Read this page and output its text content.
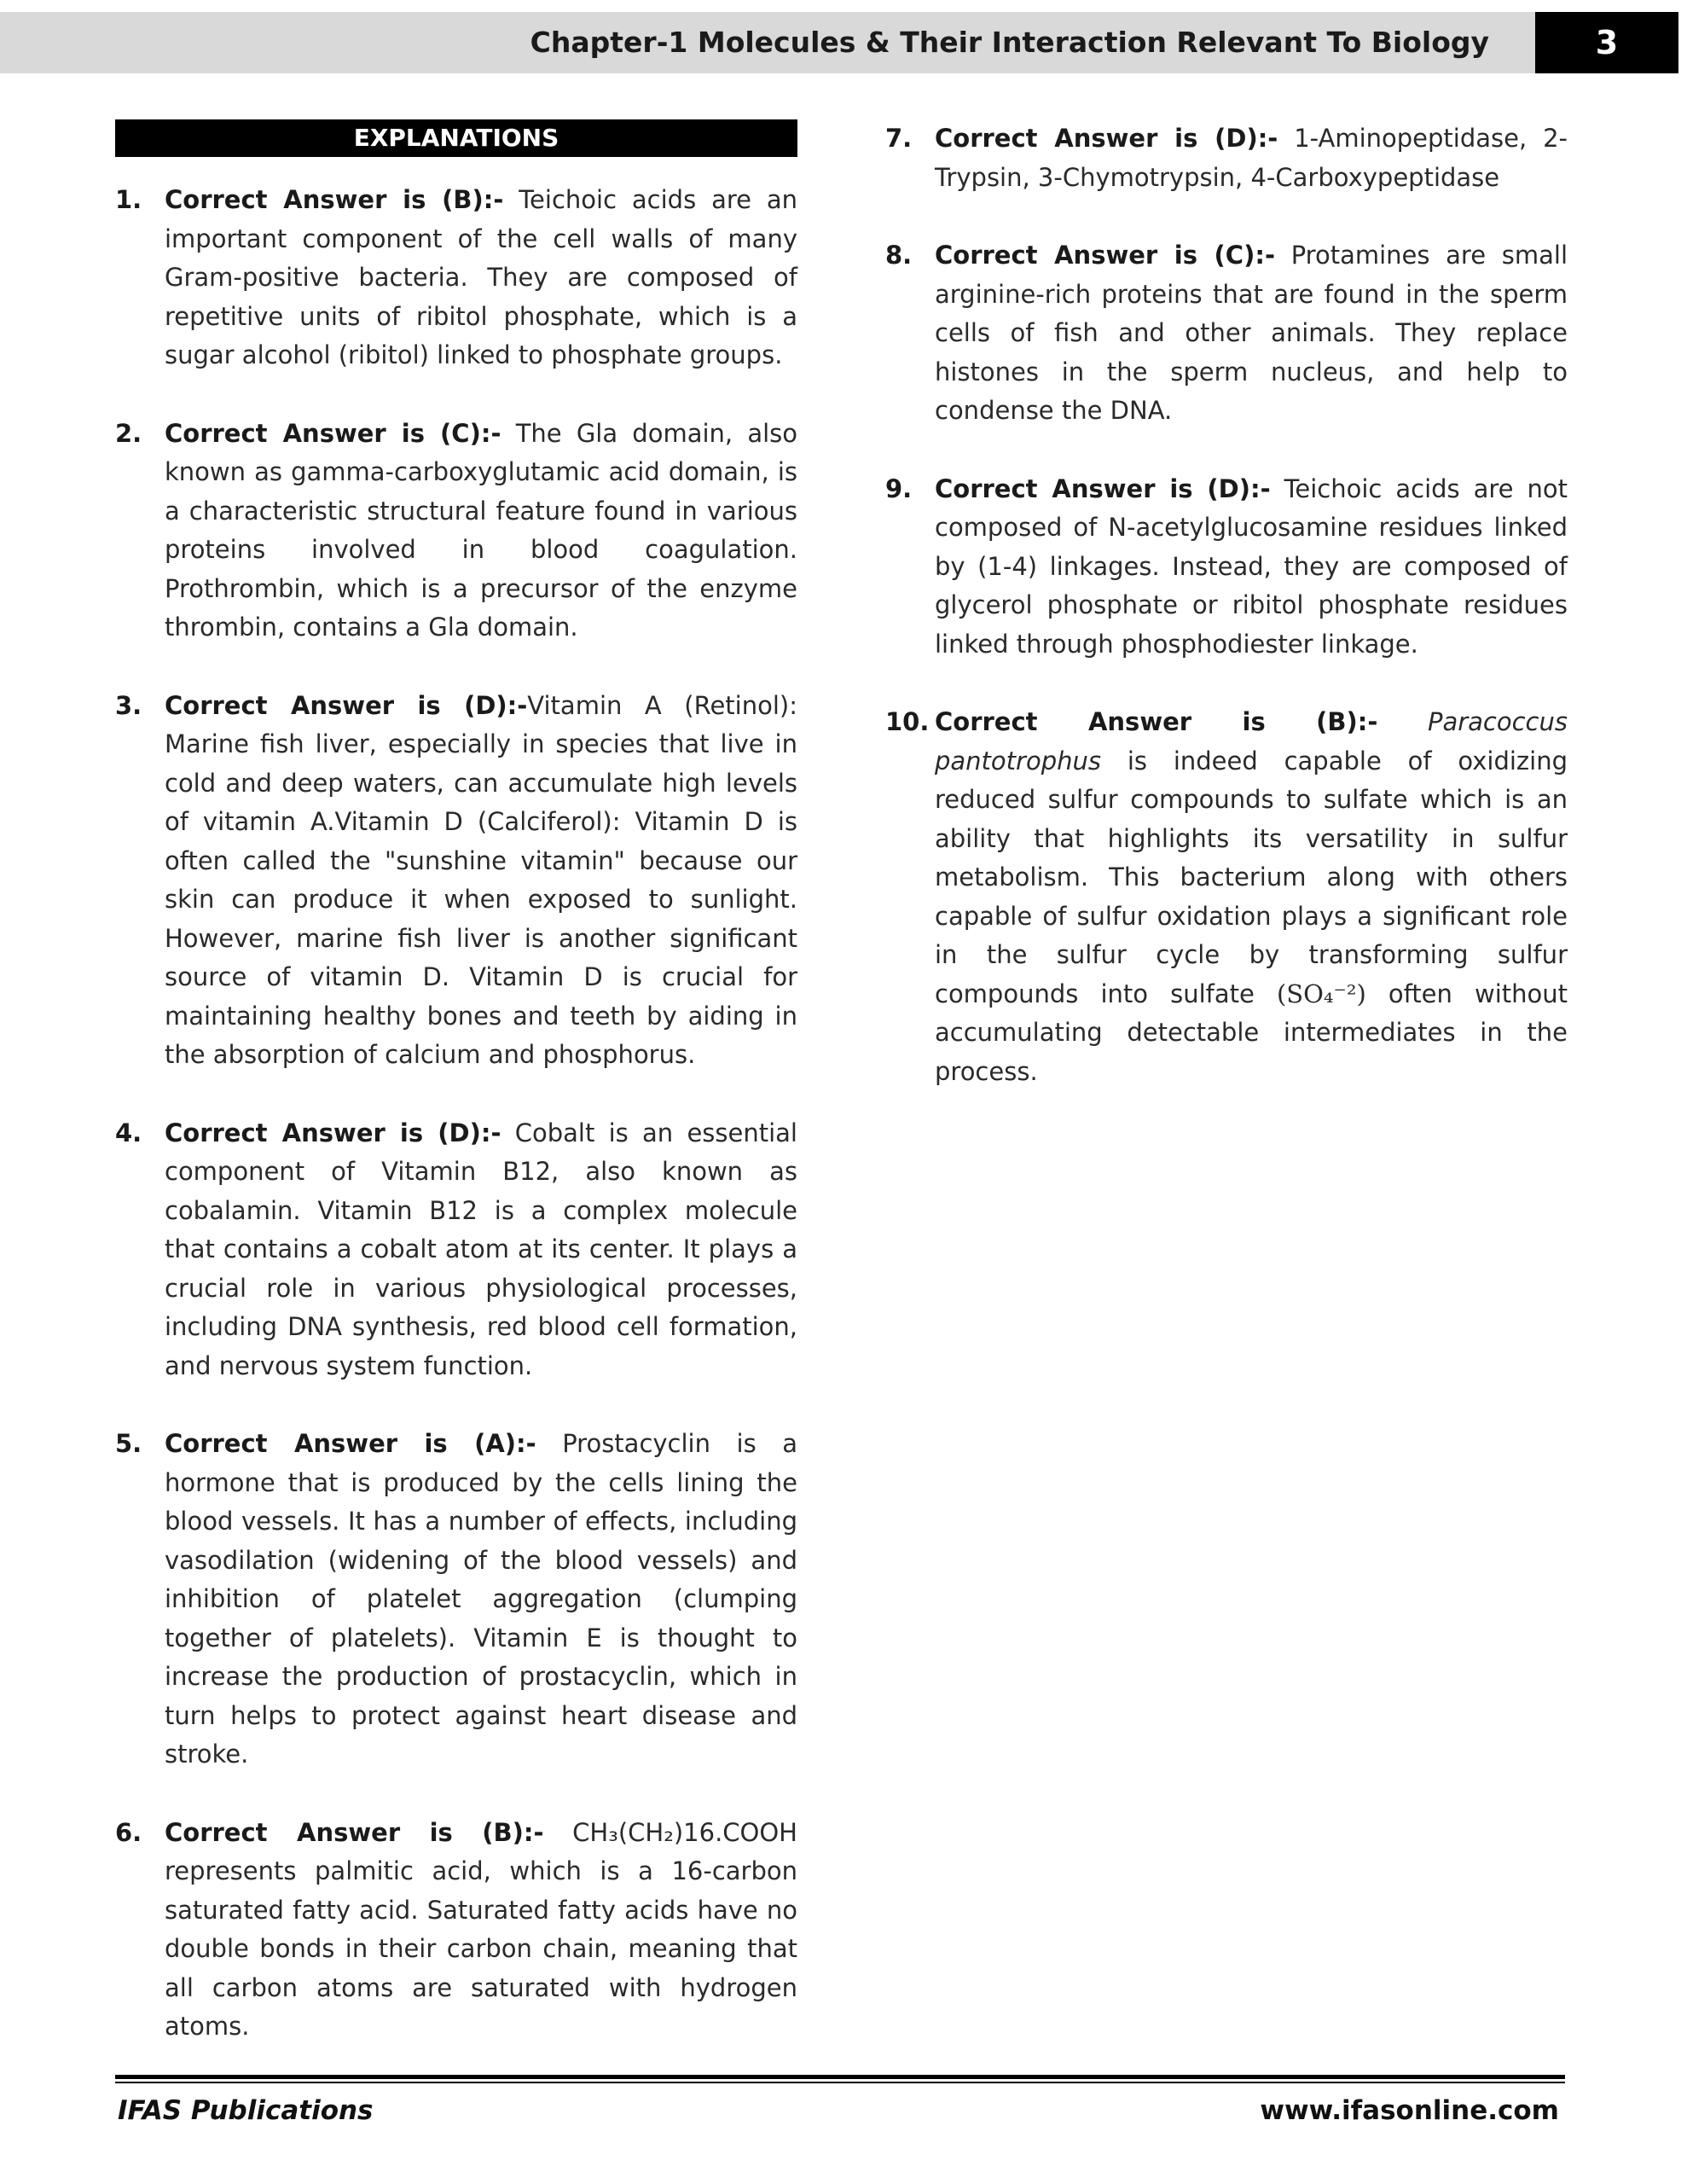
Chapter-1 Molecules & Their Interaction Relevant To Biology	3
EXPLANATIONS
1. Correct Answer is (B):- Teichoic acids are an important component of the cell walls of many Gram-positive bacteria. They are composed of repetitive units of ribitol phosphate, which is a sugar alcohol (ribitol) linked to phosphate groups.
2. Correct Answer is (C):- The Gla domain, also known as gamma-carboxyglutamic acid domain, is a characteristic structural feature found in various proteins involved in blood coagulation. Prothrombin, which is a precursor of the enzyme thrombin, contains a Gla domain.
3. Correct Answer is (D):-Vitamin A (Retinol): Marine fish liver, especially in species that live in cold and deep waters, can accumulate high levels of vitamin A.Vitamin D (Calciferol): Vitamin D is often called the "sunshine vitamin" because our skin can produce it when exposed to sunlight. However, marine fish liver is another significant source of vitamin D. Vitamin D is crucial for maintaining healthy bones and teeth by aiding in the absorption of calcium and phosphorus.
4. Correct Answer is (D):- Cobalt is an essential component of Vitamin B12, also known as cobalamin. Vitamin B12 is a complex molecule that contains a cobalt atom at its center. It plays a crucial role in various physiological processes, including DNA synthesis, red blood cell formation, and nervous system function.
5. Correct Answer is (A):- Prostacyclin is a hormone that is produced by the cells lining the blood vessels. It has a number of effects, including vasodilation (widening of the blood vessels) and inhibition of platelet aggregation (clumping together of platelets). Vitamin E is thought to increase the production of prostacyclin, which in turn helps to protect against heart disease and stroke.
6. Correct Answer is (B):- CH₃(CH₂)16.COOH represents palmitic acid, which is a 16-carbon saturated fatty acid. Saturated fatty acids have no double bonds in their carbon chain, meaning that all carbon atoms are saturated with hydrogen atoms.
7. Correct Answer is (D):- 1-Aminopeptidase, 2-Trypsin, 3-Chymotrypsin, 4-Carboxypeptidase
8. Correct Answer is (C):- Protamines are small arginine-rich proteins that are found in the sperm cells of fish and other animals. They replace histones in the sperm nucleus, and help to condense the DNA.
9. Correct Answer is (D):- Teichoic acids are not composed of N-acetylglucosamine residues linked by (1-4) linkages. Instead, they are composed of glycerol phosphate or ribitol phosphate residues linked through phosphodiester linkage.
10. Correct Answer is (B):- Paracoccus pantotrophus is indeed capable of oxidizing reduced sulfur compounds to sulfate which is an ability that highlights its versatility in sulfur metabolism. This bacterium along with others capable of sulfur oxidation plays a significant role in the sulfur cycle by transforming sulfur compounds into sulfate (SO₄⁻²) often without accumulating detectable intermediates in the process.
IFAS Publications	www.ifasonline.com
